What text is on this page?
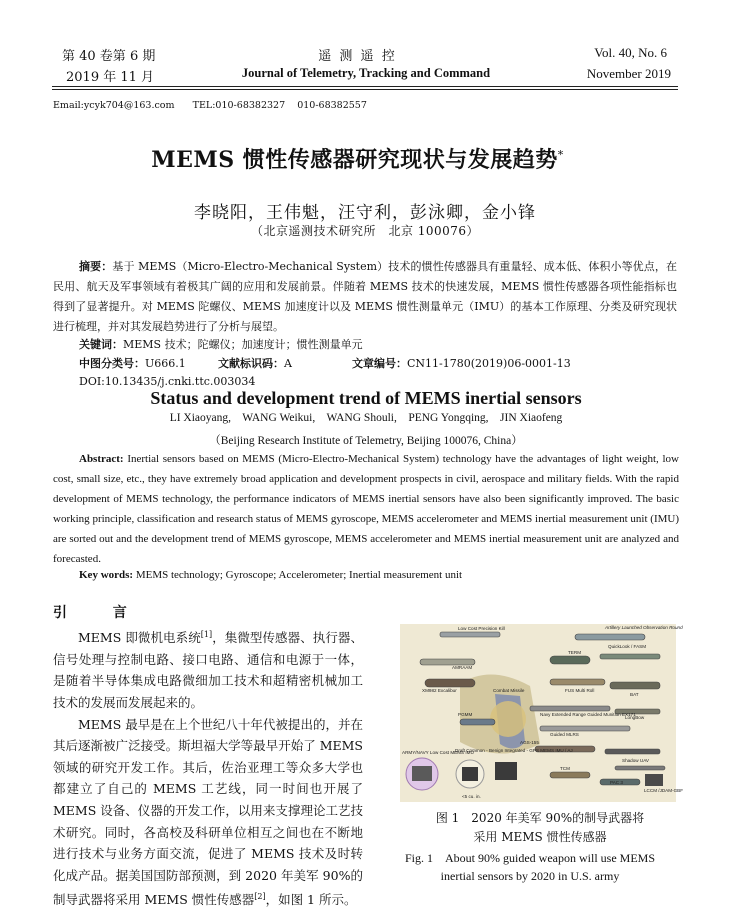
第 40 卷第 6 期
2019 年 11 月
遥 测 遥 控
Journal of Telemetry, Tracking and Command
Vol. 40, No. 6
November 2019
Email:ycyk704@163.com      TEL:010-68382327    010-68382557
MEMS 惯性传感器研究现状与发展趋势*
李晓阳，王伟魁，汪守利，彭泳卿，金小锋
（北京遥测技术研究所　北京 100076）
摘要：基于 MEMS（Micro-Electro-Mechanical System）技术的惯性传感器具有重量轻、成本低、体积小等优点，在民用、航天及军事领域有着极其广阔的应用和发展前景。伴随着 MEMS 技术的快速发展，MEMS 惯性传感器各项性能指标也得到了显著提升。对 MEMS 陀螺仪、MEMS 加速度计以及 MEMS 惯性测量单元（IMU）的基本工作原理、分类及研究现状进行梳理，并对其发展趋势进行了分析与展望。
关键词：MEMS 技术；陀螺仪；加速度计；惯性测量单元
中图分类号：U666.1	文献标识码：A	文章编号：CN11-1780(2019)06-0001-13
DOI:10.13435/j.cnki.ttc.003034
Status and development trend of MEMS inertial sensors
LI Xiaoyang,    WANG Weikui,    WANG Shouli,    PENG Yongqing,    JIN Xiaofeng
（Beijing Research Institute of Telemetry, Beijing 100076, China）
Abstract: Inertial sensors based on MEMS (Micro-Electro-Mechanical System) technology have the advantages of light weight, low cost, small size, etc., they have extremely broad application and development prospects in civil, aerospace and military fields. With the rapid development of MEMS technology, the performance indicators of MEMS inertial sensors have also been significantly improved. The basic working principle, classification and research status of MEMS gyroscope, MEMS accelerometer and MEMS inertial measurement unit (IMU) are sorted out and the development trend of MEMS gyroscope, MEMS accelerometer and MEMS inertial measurement unit are analyzed and forecasted.
Key words: MEMS technology; Gyroscope; Accelerometer; Inertial measurement unit
引  言

MEMS 即微机电系统[1]，集微型传感器、执行器、信号处理与控制电路、接口电路、通信和电源于一体，是随着半导体集成电路微细加工技术和超精密机械加工技术的发展而发展起来的。

MEMS 最早是在上个世纪八十年代被提出的，并在其后逐渐被广泛接受。斯坦福大学等最早开始了 MEMS 领域的研究开发工作。其后，佐治亚理工等众多大学也都建立了自己的 MEMS 工艺线，同一时间也开展了 MEMS 设备、仪器的开发工作，以用来支撑理论工艺技术研究。同时，各高校及科研单位相互之间也在不断地进行技术与业务方面交流，促进了 MEMS 技术及时转化成产品。据美国国防部预测，到 2020 年美军 90%的制导武器将采用 MEMS 惯性传感器[2]，如图 1 所示。

Low Cost Precision Kill	Artillery Launched Observation Round
QuickLook / FASM
AMRAAM
TERM
XM982 Excalibur	FUS Multi Roll
Combat Missile
BAT
PGMM	Navy Extended Range Guided Munition EX171
LongBow
Guided MLRS
ARMY/NAVY Low Cost MEMS IMU
Draft Common - Benign Integrated - GPS MEMS IMU / AJ
AGS-155
Shadow UAV
TCM
PAC 3
LCCM /JDAM-GBF
<5 cu. in.
图 1　2020 年美军 90%的制导武器将
采用 MEMS 惯性传感器
Fig. 1　About 90% guided weapon will use MEMS
inertial sensors by 2020 in U.S. army
